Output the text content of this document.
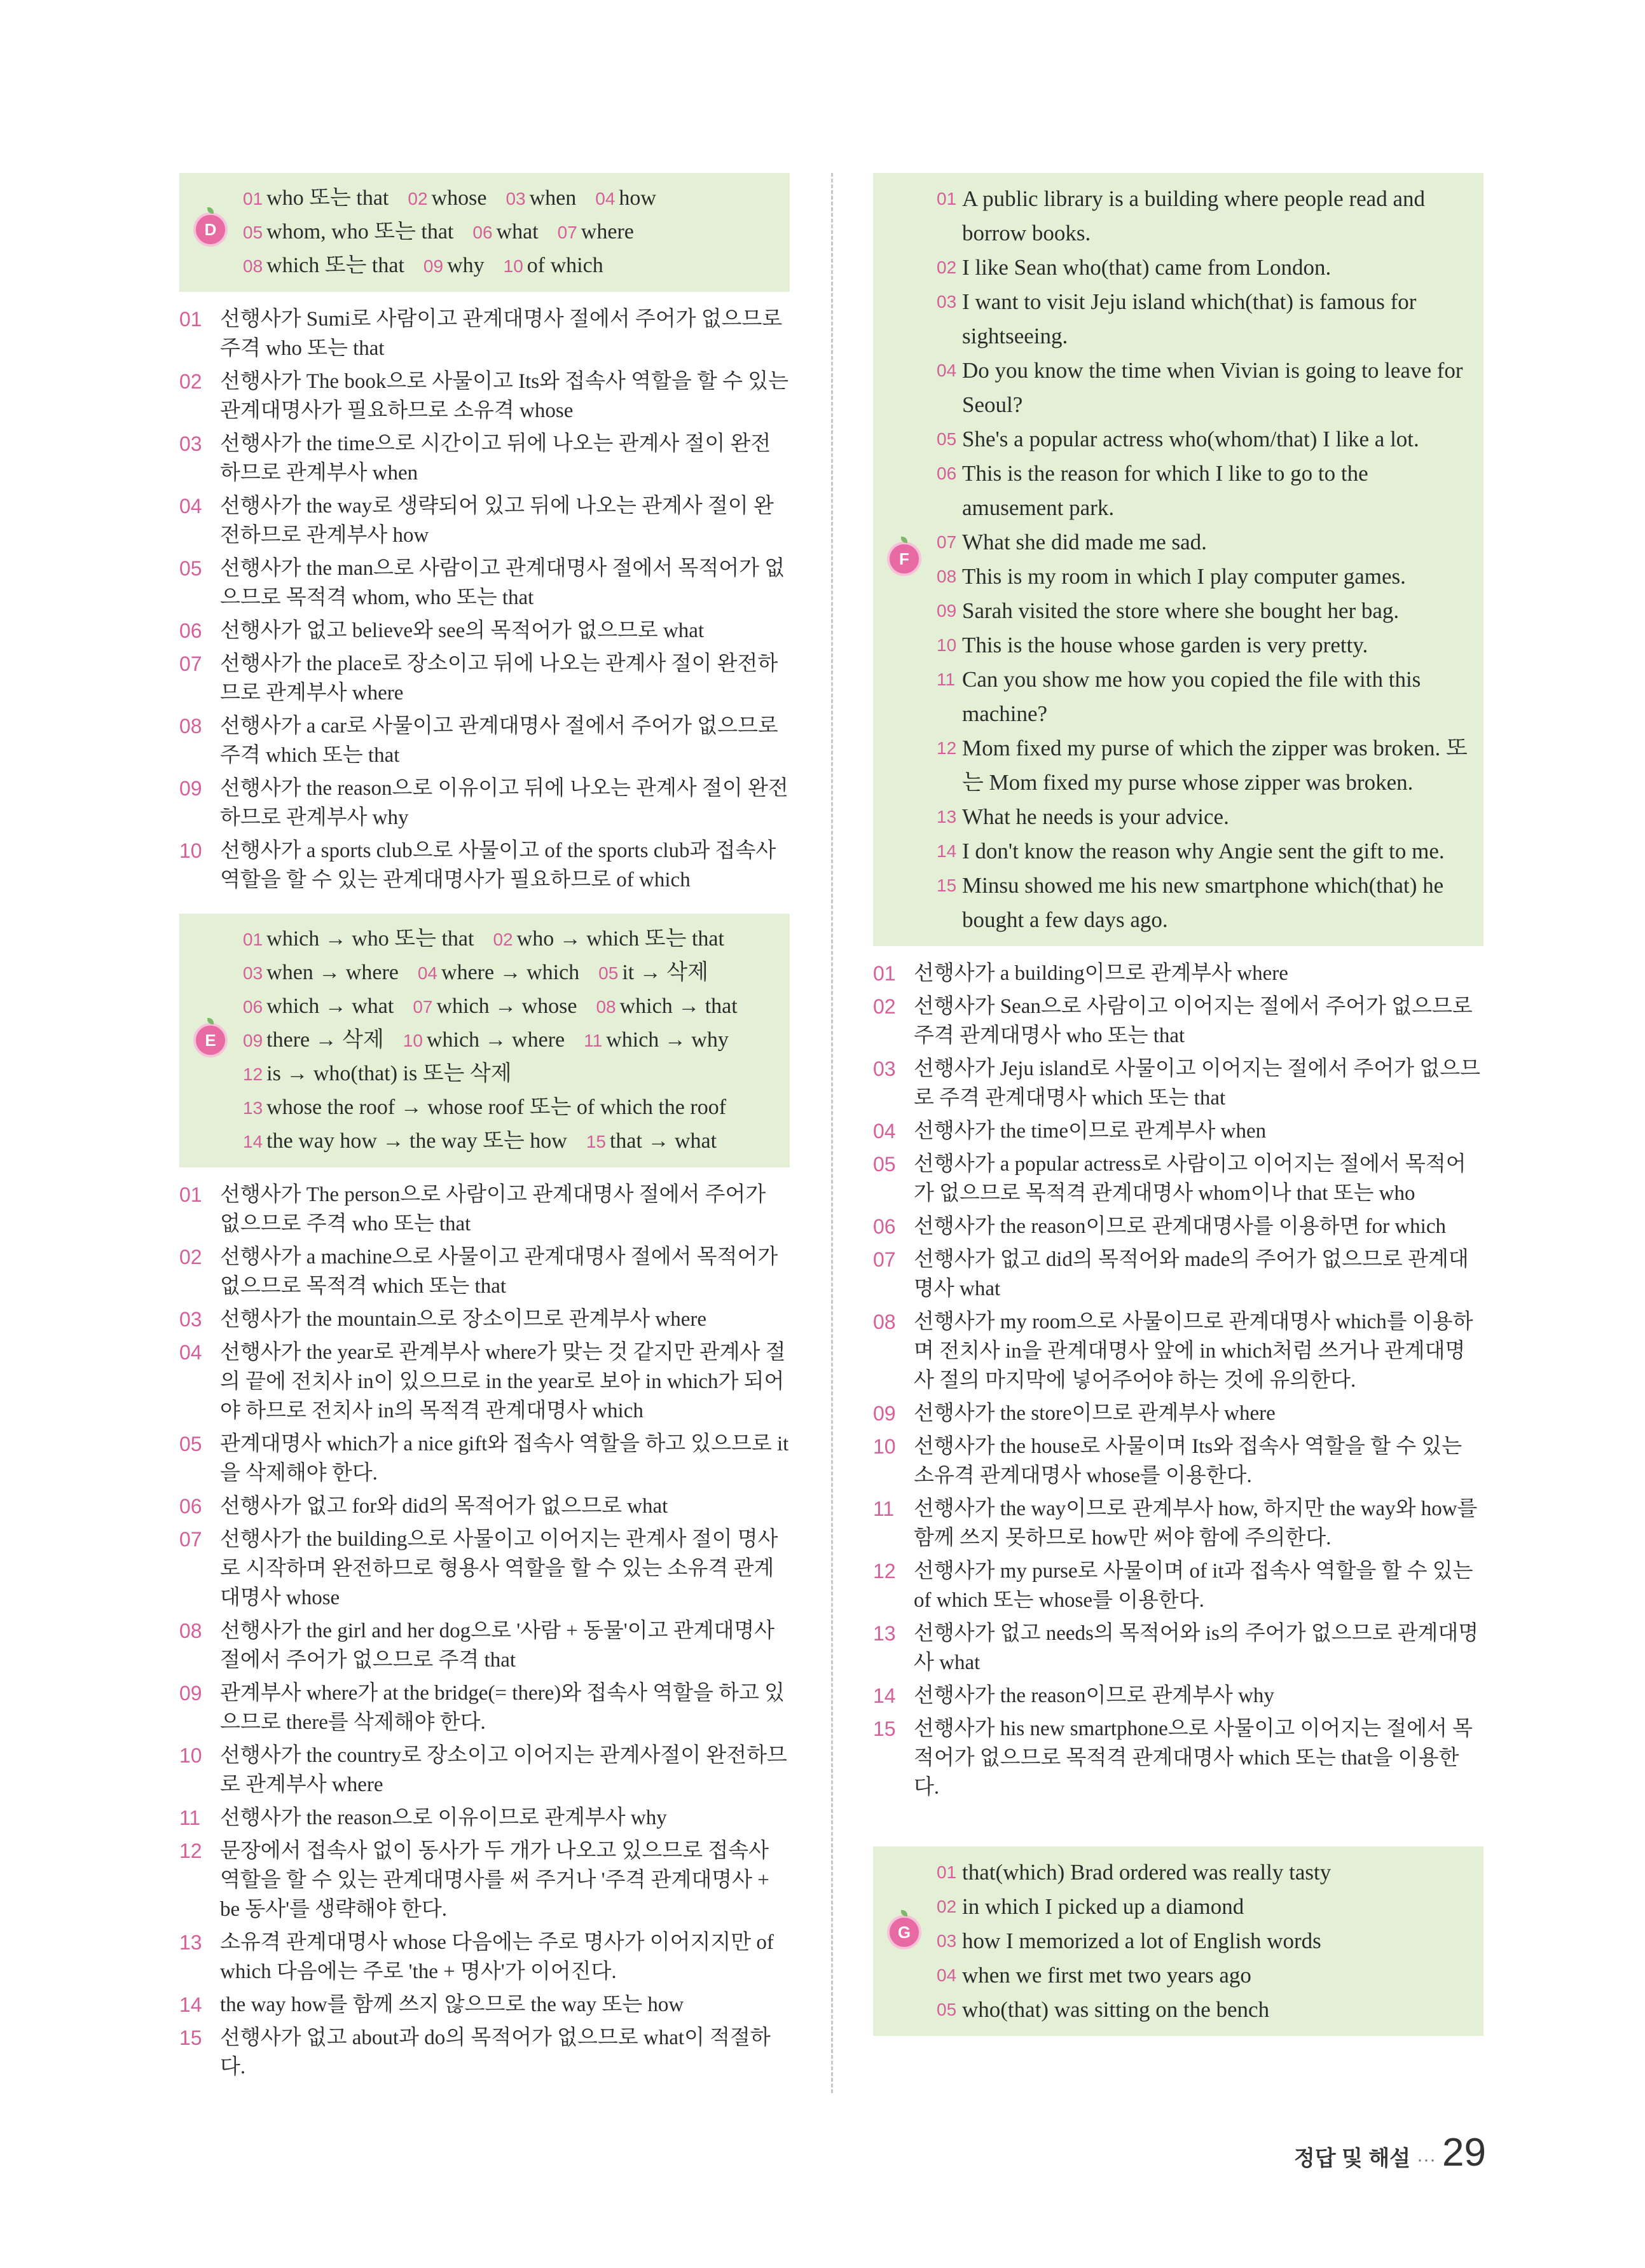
D
01 who 또는 that 02 whose 03 when 04 how
05 whom, who 또는 that 06 what 07 where
08 which 또는 that 09 why 10 of which
01 선행사가 Sumi로 사람이고 관계대명사 절에서 주어가 없으므로 주격 who 또는 that
02 선행사가 The book으로 사물이고 Its와 접속사 역할을 할 수 있는 관계대명사가 필요하므로 소유격 whose
03 선행사가 the time으로 시간이고 뒤에 나오는 관계사 절이 완전하므로 관계부사 when
04 선행사가 the way로 생략되어 있고 뒤에 나오는 관계사 절이 완전하므로 관계부사 how
05 선행사가 the man으로 사람이고 관계대명사 절에서 목적어가 없으므로 목적격 whom, who 또는 that
06 선행사가 없고 believe와 see의 목적어가 없으므로 what
07 선행사가 the place로 장소이고 뒤에 나오는 관계사 절이 완전하므로 관계부사 where
08 선행사가 a car로 사물이고 관계대명사 절에서 주어가 없으므로 주격 which 또는 that
09 선행사가 the reason으로 이유이고 뒤에 나오는 관계사 절이 완전하므로 관계부사 why
10 선행사가 a sports club으로 사물이고 of the sports club과 접속사 역할을 할 수 있는 관계대명사가 필요하므로 of which
E
01 which → who 또는 that 02 who → which 또는 that
03 when → where 04 where → which 05 it → 삭제
06 which → what 07 which → whose 08 which → that
09 there → 삭제 10 which → where 11 which → why
12 is → who(that) is 또는 삭제
13 whose the roof → whose roof 또는 of which the roof
14 the way how → the way 또는 how 15 that → what
01 선행사가 The person으로 사람이고 관계대명사 절에서 주어가 없으므로 주격 who 또는 that
02 선행사가 a machine으로 사물이고 관계대명사 절에서 목적어가 없으므로 목적격 which 또는 that
03 선행사가 the mountain으로 장소이므로 관계부사 where
04 선행사가 the year로 관계부사 where가 맞는 것 같지만 관계사 절의 끝에 전치사 in이 있으므로 in the year로 보아 in which가 되어야 하므로 전치사 in의 목적격 관계대명사 which
05 관계대명사 which가 a nice gift와 접속사 역할을 하고 있으므로 it을 삭제해야 한다.
06 선행사가 없고 for와 did의 목적어가 없으므로 what
07 선행사가 the building으로 사물이고 이어지는 관계사 절이 명사로 시작하며 완전하므로 형용사 역할을 할 수 있는 소유격 관계대명사 whose
08 선행사가 the girl and her dog으로 '사람 + 동물'이고 관계대명사 절에서 주어가 없으므로 주격 that
09 관계부사 where가 at the bridge(= there)와 접속사 역할을 하고 있으므로 there를 삭제해야 한다.
10 선행사가 the country로 장소이고 이어지는 관계사절이 완전하므로 관계부사 where
11 선행사가 the reason으로 이유이므로 관계부사 why
12 문장에서 접속사 없이 동사가 두 개가 나오고 있으므로 접속사 역할을 할 수 있는 관계대명사를 써 주거나 '주격 관계대명사 + be 동사'를 생략해야 한다.
13 소유격 관계대명사 whose 다음에는 주로 명사가 이어지지만 of which 다음에는 주로 'the + 명사'가 이어진다.
14 the way how를 함께 쓰지 않으므로 the way 또는 how
15 선행사가 없고 about과 do의 목적어가 없으므로 what이 적절하다.
F
01 A public library is a building where people read and borrow books.
02 I like Sean who(that) came from London.
03 I want to visit Jeju island which(that) is famous for sightseeing.
04 Do you know the time when Vivian is going to leave for Seoul?
05 She's a popular actress who(whom/that) I like a lot.
06 This is the reason for which I like to go to the amusement park.
07 What she did made me sad.
08 This is my room in which I play computer games.
09 Sarah visited the store where she bought her bag.
10 This is the house whose garden is very pretty.
11 Can you show me how you copied the file with this machine?
12 Mom fixed my purse of which the zipper was broken. 또는 Mom fixed my purse whose zipper was broken.
13 What he needs is your advice.
14 I don't know the reason why Angie sent the gift to me.
15 Minsu showed me his new smartphone which(that) he bought a few days ago.
01 선행사가 a building이므로 관계부사 where
02 선행사가 Sean으로 사람이고 이어지는 절에서 주어가 없으므로 주격 관계대명사 who 또는 that
03 선행사가 Jeju island로 사물이고 이어지는 절에서 주어가 없으므로 주격 관계대명사 which 또는 that
04 선행사가 the time이므로 관계부사 when
05 선행사가 a popular actress로 사람이고 이어지는 절에서 목적어가 없으므로 목적격 관계대명사 whom이나 that 또는 who
06 선행사가 the reason이므로 관계대명사를 이용하면 for which
07 선행사가 없고 did의 목적어와 made의 주어가 없으므로 관계대명사 what
08 선행사가 my room으로 사물이므로 관계대명사 which를 이용하며 전치사 in을 관계대명사 앞에 in which처럼 쓰거나 관계대명사 절의 마지막에 넣어주어야 하는 것에 유의한다.
09 선행사가 the store이므로 관계부사 where
10 선행사가 the house로 사물이며 Its와 접속사 역할을 할 수 있는 소유격 관계대명사 whose를 이용한다.
11 선행사가 the way이므로 관계부사 how, 하지만 the way와 how를 함께 쓰지 못하므로 how만 써야 함에 주의한다.
12 선행사가 my purse로 사물이며 of it과 접속사 역할을 할 수 있는 of which 또는 whose를 이용한다.
13 선행사가 없고 needs의 목적어와 is의 주어가 없으므로 관계대명사 what
14 선행사가 the reason이므로 관계부사 why
15 선행사가 his new smartphone으로 사물이고 이어지는 절에서 목적어가 없으므로 목적격 관계대명사 which 또는 that을 이용한다.
G
01 that(which) Brad ordered was really tasty
02 in which I picked up a diamond
03 how I memorized a lot of English words
04 when we first met two years ago
05 who(that) was sitting on the bench
정답 및 해설 ··· 29
